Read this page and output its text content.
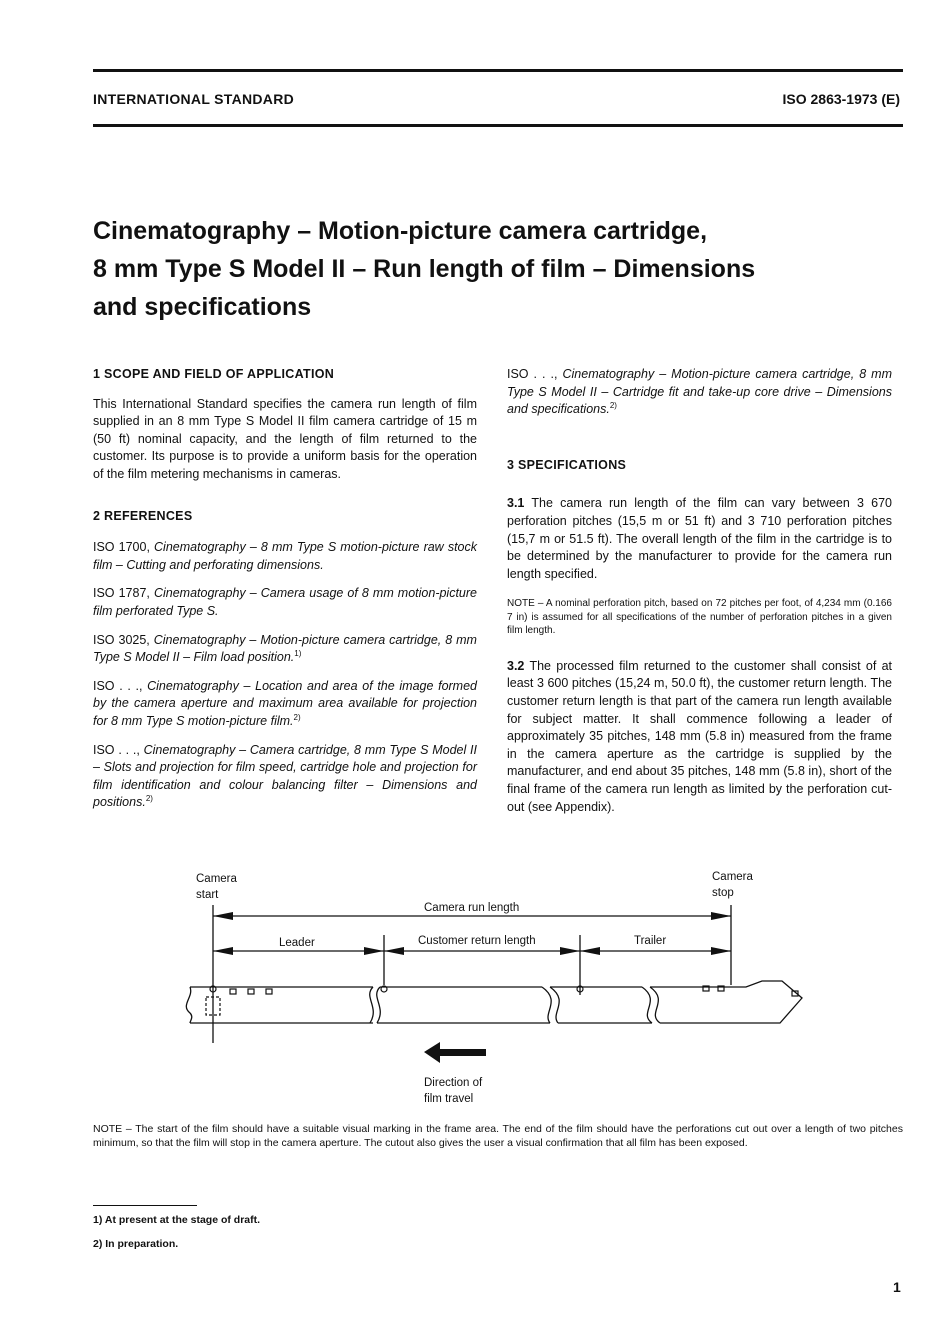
INTERNATIONAL STANDARD	ISO 2863-1973 (E)
Cinematography – Motion-picture camera cartridge,
8 mm Type S Model II – Run length of film – Dimensions
and specifications
1 SCOPE AND FIELD OF APPLICATION

This International Standard specifies the camera run length of film supplied in an 8 mm Type S Model II film camera cartridge of 15 m (50 ft) nominal capacity, and the length of film returned to the customer. Its purpose is to provide a uniform basis for the operation of the film metering mechanisms in cameras.

2 REFERENCES

ISO 1700, Cinematography – 8 mm Type S motion-picture raw stock film – Cutting and perforating dimensions.

ISO 1787, Cinematography – Camera usage of 8 mm motion-picture film perforated Type S.

ISO 3025, Cinematography – Motion-picture camera cartridge, 8 mm Type S Model II – Film load position.$^{1)}$

ISO . . ., Cinematography – Location and area of the image formed by the camera aperture and maximum area available for projection for 8 mm Type S motion-picture film.$^{2)}$

ISO . . ., Cinematography – Camera cartridge, 8 mm Type S Model II – Slots and projection for film speed, cartridge hole and projection for film identification and colour balancing filter – Dimensions and positions.$^{2)}$

ISO . . ., Cinematography – Motion-picture camera cartridge, 8 mm Type S Model II – Cartridge fit and take-up core drive – Dimensions and specifications.$^{2)}$

3 SPECIFICATIONS

3.1 The camera run length of the film can vary between 3 670 perforation pitches (15,5 m or 51 ft) and 3 710 perforation pitches (15,7 m or 51.5 ft). The overall length of the film in the cartridge is to be determined by the manufacturer to provide for the camera run length specified.

NOTE – A nominal perforation pitch, based on 72 pitches per foot, of 4,234 mm (0.166 7 in) is assumed for all specifications of the number of perforation pitches in a given film length.

3.2 The processed film returned to the customer shall consist of at least 3 600 pitches (15,24 m, 50.0 ft), the customer return length. The customer return length is that part of the camera run length available for subject matter. It shall commence following a leader of approximately 35 pitches, 148 mm (5.8 in) measured from the frame in the camera aperture as the cartridge is supplied by the manufacturer, and end about 35 pitches, 148 mm (5.8 in), short of the final frame of the camera run length as limited by the perforation cut-out (see Appendix).

Camera
start
Camera
stop
Camera run length
Leader	Customer return length	Trailer
Direction of
film travel
NOTE – The start of the film should have a suitable visual marking in the frame area. The end of the film should have the perforations cut out over a length of two pitches minimum, so that the film will stop in the camera aperture. The cutout also gives the user a visual confirmation that all film has been exposed.
1) At present at the stage of draft.
2) In preparation.
1
